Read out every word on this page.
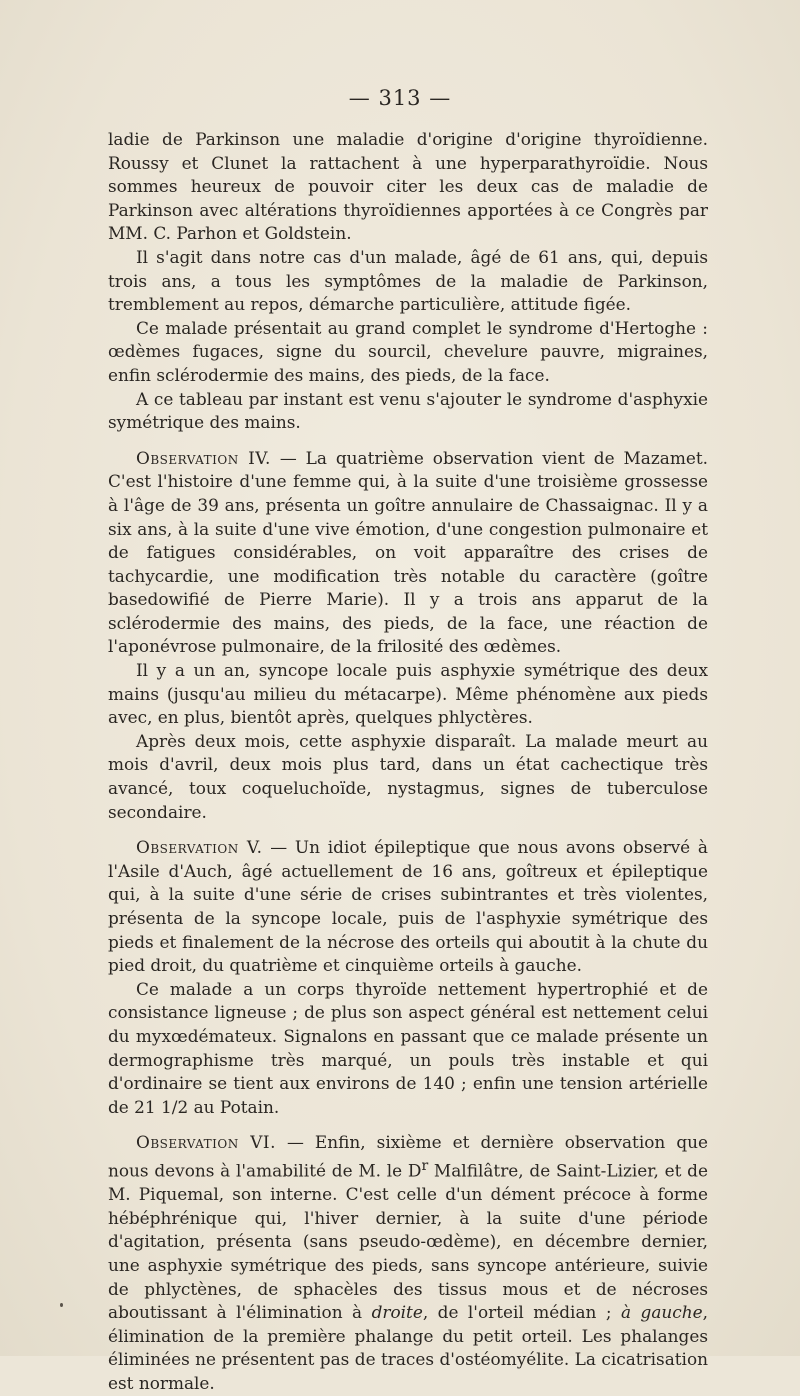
— 313 —

ladie de Parkinson une maladie d'origine d'origine thyroïdienne. Roussy et Clunet la rattachent à une hyperparathyroïdie. Nous sommes heureux de pouvoir citer les deux cas de maladie de Parkinson avec altérations thyroïdiennes apportées à ce Congrès par MM. C. Parhon et Goldstein.

Il s'agit dans notre cas d'un malade, âgé de 61 ans, qui, depuis trois ans, a tous les symptômes de la maladie de Parkinson, tremblement au repos, démarche particulière, attitude figée.

Ce malade présentait au grand complet le syndrome d'Hertoghe : œdèmes fugaces, signe du sourcil, chevelure pauvre, migraines, enfin sclérodermie des mains, des pieds, de la face.

A ce tableau par instant est venu s'ajouter le syndrome d'asphyxie symétrique des mains.

Observation IV. — La quatrième observation vient de Mazamet. C'est l'histoire d'une femme qui, à la suite d'une troisième grossesse à l'âge de 39 ans, présenta un goître annulaire de Chassaignac. Il y a six ans, à la suite d'une vive émotion, d'une congestion pulmonaire et de fatigues considérables, on voit apparaître des crises de tachycardie, une modification très notable du caractère (goître basedowifié de Pierre Marie). Il y a trois ans apparut de la sclérodermie des mains, des pieds, de la face, une réaction de l'aponévrose pulmonaire, de la frilosité des œdèmes.

Il y a un an, syncope locale puis asphyxie symétrique des deux mains (jusqu'au milieu du métacarpe). Même phénomène aux pieds avec, en plus, bientôt après, quelques phlyctères.

Après deux mois, cette asphyxie disparaît. La malade meurt au mois d'avril, deux mois plus tard, dans un état cachectique très avancé, toux coqueluchoïde, nystagmus, signes de tuberculose secondaire.

Observation V. — Un idiot épileptique que nous avons observé à l'Asile d'Auch, âgé actuellement de 16 ans, goîtreux et épileptique qui, à la suite d'une série de crises subintrantes et très violentes, présenta de la syncope locale, puis de l'asphyxie symétrique des pieds et finalement de la nécrose des orteils qui aboutit à la chute du pied droit, du quatrième et cinquième orteils à gauche.

Ce malade a un corps thyroïde nettement hypertrophié et de consistance ligneuse ; de plus son aspect général est nettement celui du myxœdémateux. Signalons en passant que ce malade présente un dermographisme très marqué, un pouls très instable et qui d'ordinaire se tient aux environs de 140 ; enfin une tension artérielle de 21 1/2 au Potain.

Observation VI. — Enfin, sixième et dernière observation que nous devons à l'amabilité de M. le $D^r$ Malfilâtre, de Saint-Lizier, et de M. Piquemal, son interne. C'est celle d'un dément précoce à forme hébéphrénique qui, l'hiver dernier, à la suite d'une période d'agitation, présenta (sans pseudo-œdème), en décembre dernier, une asphyxie symétrique des pieds, sans syncope antérieure, suivie de phlyctènes, de sphacèles des tissus mous et de nécroses aboutissant à l'élimination à droite, de l'orteil médian ; à gauche, élimination de la première phalange du petit orteil. Les phalanges éliminées ne présentent pas de traces d'ostéomyélite. La cicatrisation est normale.
